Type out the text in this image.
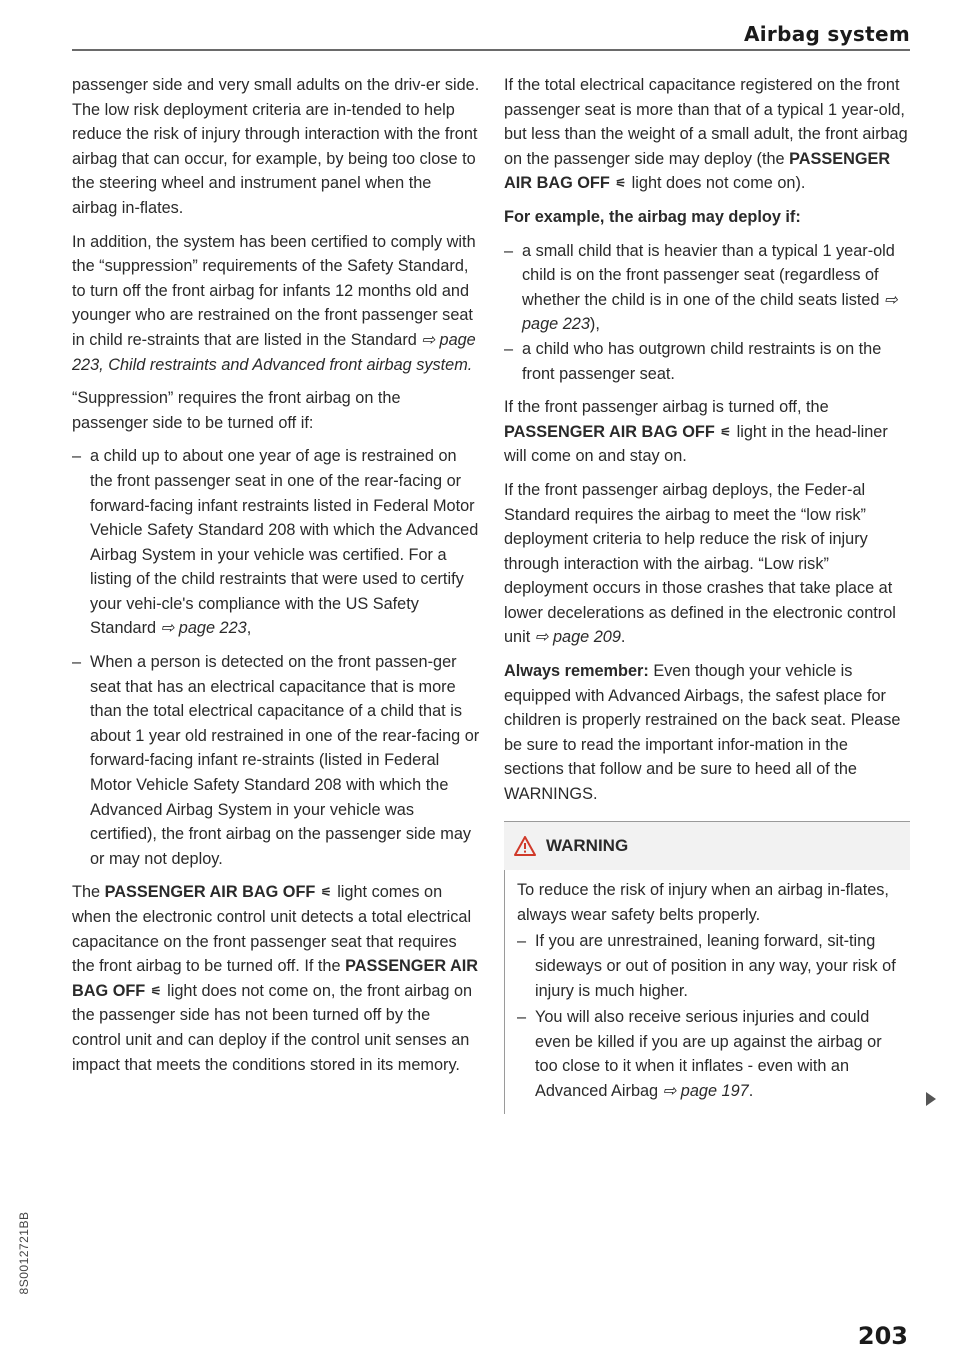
Airbag system

passenger side and very small adults on the driv-er side. The low risk deployment criteria are in-tended to help reduce the risk of injury through interaction with the front airbag that can occur, for example, by being too close to the steering wheel and instrument panel when the airbag in-flates.

In addition, the system has been certified to comply with the “suppression” requirements of the Safety Standard, to turn off the front airbag for infants 12 months old and younger who are restrained on the front passenger seat in child re-straints that are listed in the Standard ⇨ page 223, Child restraints and Advanced front airbag system.

“Suppression” requires the front airbag on the passenger side to be turned off if:

– a child up to about one year of age is restrained on the front passenger seat in one of the rear-facing or forward-facing infant restraints listed in Federal Motor Vehicle Safety Standard 208 with which the Advanced Airbag System in your vehicle was certified. For a listing of the child restraints that were used to certify your vehi-cle's compliance with the US Safety Standard ⇨ page 223,

– When a person is detected on the front passen-ger seat that has an electrical capacitance that is more than the total electrical capacitance of a child that is about 1 year old restrained in one of the rear-facing or forward-facing infant re-straints (listed in Federal Motor Vehicle Safety Standard 208 with which the Advanced Airbag System in your vehicle was certified), the front airbag on the passenger side may or may not deploy.

The PASSENGER AIR BAG OFF ⚟ light comes on when the electronic control unit detects a total electrical capacitance on the front passenger seat that requires the front airbag to be turned off. If the PASSENGER AIR BAG OFF ⚟ light does not come on, the front airbag on the passenger side has not been turned off by the control unit and can deploy if the control unit senses an impact that meets the conditions stored in its memory.

If the total electrical capacitance registered on the front passenger seat is more than that of a typical 1 year-old, but less than the weight of a small adult, the front airbag on the passenger side may deploy (the PASSENGER AIR BAG OFF ⚟ light does not come on).

For example, the airbag may deploy if:

– a small child that is heavier than a typical 1 year-old child is on the front passenger seat (regardless of whether the child is in one of the child seats listed ⇨ page 223),

– a child who has outgrown child restraints is on the front passenger seat.

If the front passenger airbag is turned off, the PASSENGER AIR BAG OFF ⚟ light in the head-liner will come on and stay on.

If the front passenger airbag deploys, the Feder-al Standard requires the airbag to meet the “low risk” deployment criteria to help reduce the risk of injury through interaction with the airbag. “Low risk” deployment occurs in those crashes that take place at lower decelerations as defined in the electronic control unit ⇨ page 209.

Always remember: Even though your vehicle is equipped with Advanced Airbags, the safest place for children is properly restrained on the back seat. Please be sure to read the important infor-mation in the sections that follow and be sure to heed all of the WARNINGS.

WARNING

To reduce the risk of injury when an airbag in-flates, always wear safety belts properly.

– If you are unrestrained, leaning forward, sit-ting sideways or out of position in any way, your risk of injury is much higher.

– You will also receive serious injuries and could even be killed if you are up against the airbag or too close to it when it inflates - even with an Advanced Airbag ⇨ page 197.

8S0012721BB
203
